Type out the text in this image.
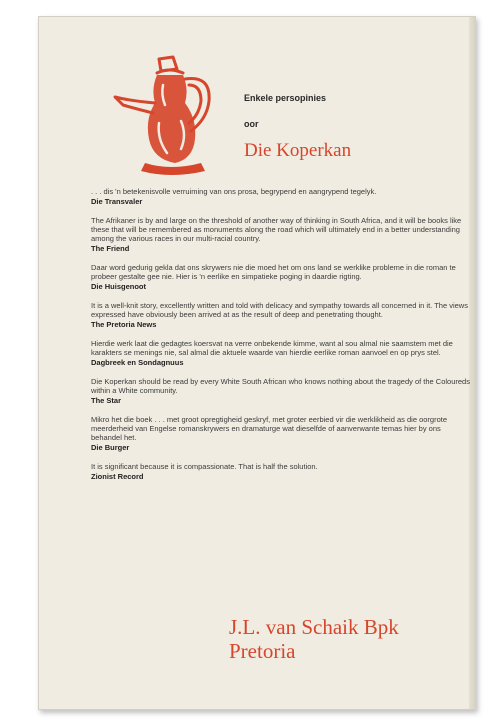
Enkele persopinies
oor
Die Koperkan

. . . dis 'n betekenisvolle verruiming van ons prosa, begrypend en aangrypend tegelyk.

Die Transvaler

The Afrikaner is by and large on the threshold of another way of thinking in South Africa, and it will be books like these that will be remembered as monuments along the road which will ultimately end in a better understanding among the various races in our multi-racial country.

The Friend

Daar word gedurig gekla dat ons skrywers nie die moed het om ons land se werklike probleme in die roman te probeer gestalte gee nie. Hier is 'n eerlike en simpatieke poging in daardie rigting.

Die Huisgenoot

It is a well-knit story, excellently written and told with delicacy and sympathy towards all concerned in it. The views expressed have obviously been arrived at as the result of deep and penetrating thought.

The Pretoria News

Hierdie werk laat die gedagtes koersvat na verre onbekende kimme, want al sou almal nie saamstem met die karakters se menings nie, sal almal die aktuele waarde van hierdie eerlike roman aanvoel en op prys stel.

Dagbreek en Sondagnuus

Die Koperkan should be read by every White South African who knows nothing about the tragedy of the Coloureds within a White community.

The Star

Mikro het die boek . . . met groot opregtigheid geskryf, met groter eerbied vir die werklikheid as die oorgrote meerderheid van Engelse romanskrywers en dramaturge wat dieselfde of aanverwante temas hier by ons behandel het.

Die Burger

It is significant because it is compassionate. That is half the solution.

Zionist Record

J.L. van Schaik Bpk
Pretoria
